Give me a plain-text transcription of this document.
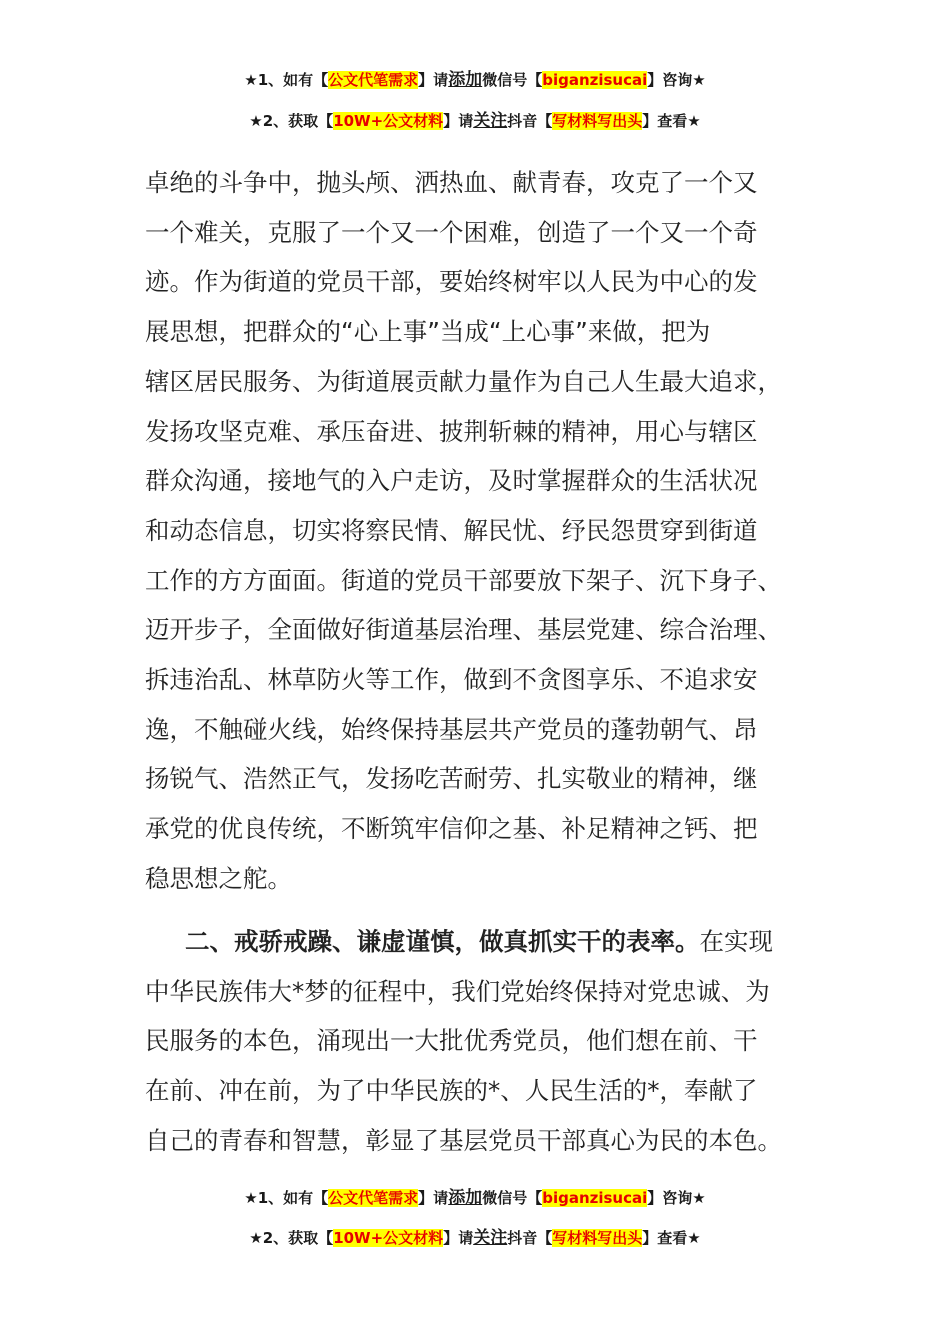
★1、如有【公文代笔需求】请添加微信号【biganzisucai】咨询★
★2、获取【10W+公文材料】请关注抖音【写材料写出头】查看★
卓绝的斗争中，抛头颅、洒热血、献青春，攻克了一个又
一个难关，克服了一个又一个困难，创造了一个又一个奇
迹。作为街道的党员干部，要始终树牢以人民为中心的发
展思想，把群众的“心上事”当成“上心事”来做，把为
辖区居民服务、为街道展贡献力量作为自己人生最大追求，
发扬攻坚克难、承压奋进、披荆斩棘的精神，用心与辖区
群众沟通，接地气的入户走访，及时掌握群众的生活状况
和动态信息，切实将察民情、解民忧、纾民怨贯穿到街道
工作的方方面面。街道的党员干部要放下架子、沉下身子、
迈开步子，全面做好街道基层治理、基层党建、综合治理、
拆违治乱、林草防火等工作，做到不贪图享乐、不追求安
逸，不触碰火线，始终保持基层共产党员的蓬勃朝气、昂
扬锐气、浩然正气，发扬吃苦耐劳、扎实敬业的精神，继
承党的优良传统，不断筑牢信仰之基、补足精神之钙、把
稳思想之舵。
二、戒骄戒躁、谦虚谨慎，做真抓实干的表率。在实现
中华民族伟大*梦的征程中，我们党始终保持对党忠诚、为
民服务的本色，涌现出一大批优秀党员，他们想在前、干
在前、冲在前，为了中华民族的*、人民生活的*，奉献了
自己的青春和智慧，彰显了基层党员干部真心为民的本色。
★1、如有【公文代笔需求】请添加微信号【biganzisucai】咨询★
★2、获取【10W+公文材料】请关注抖音【写材料写出头】查看★
